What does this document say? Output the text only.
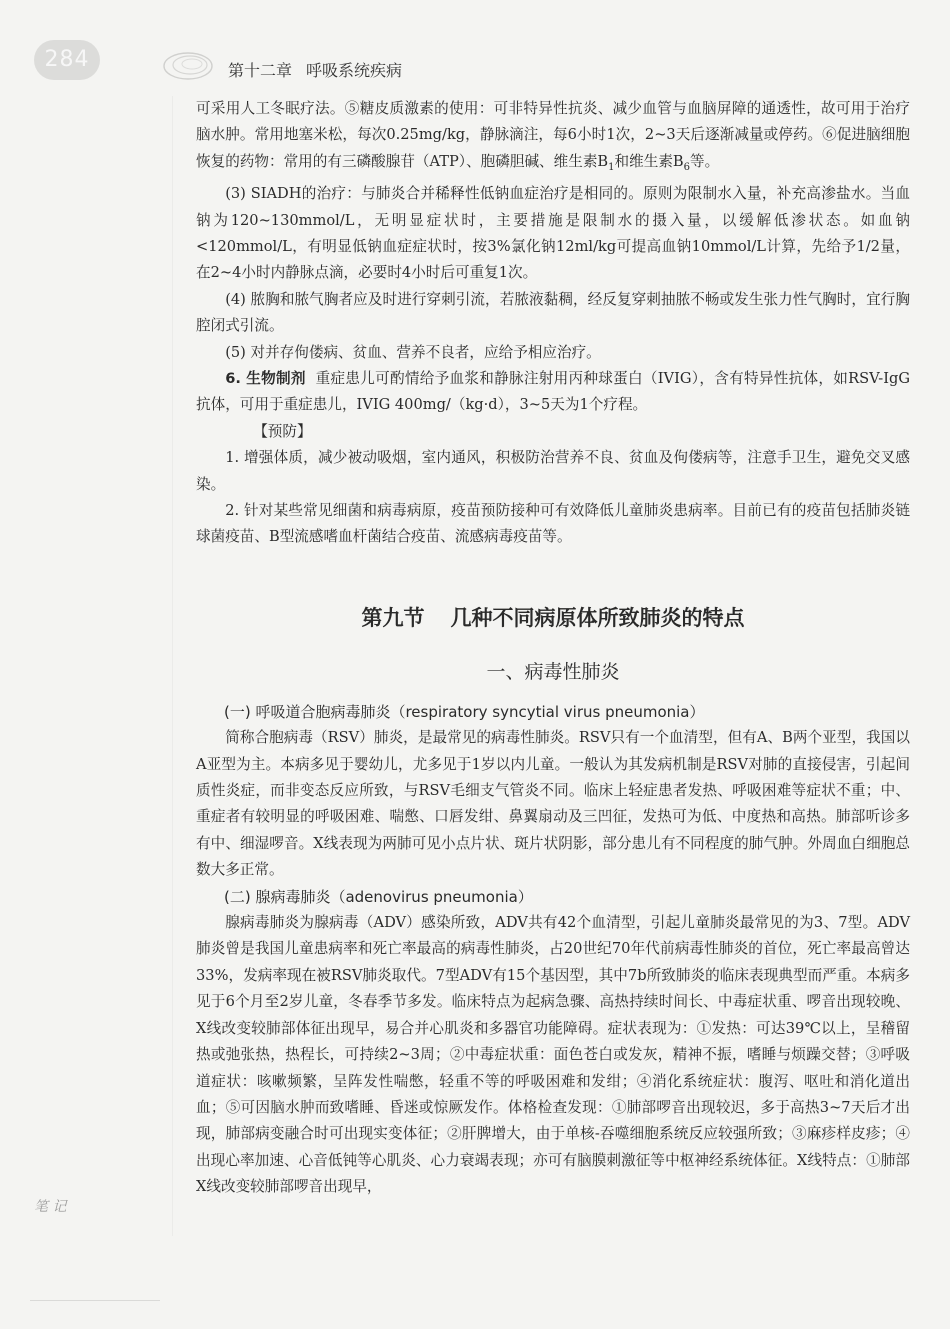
284	第十二章 呼吸系统疾病

可采用人工冬眠疗法。⑤糖皮质激素的使用：可非特异性抗炎、减少血管与血脑屏障的通透性，故可用于治疗脑水肿。常用地塞米松，每次0.25mg/kg，静脉滴注，每6小时1次，2~3天后逐渐减量或停药。⑥促进脑细胞恢复的药物：常用的有三磷酸腺苷（ATP）、胞磷胆碱、维生素$B_1$和维生素$B_6$等。

(3) SIADH的治疗：与肺炎合并稀释性低钠血症治疗是相同的。原则为限制水入量，补充高渗盐水。当血钠为120~130mmol/L，无明显症状时，主要措施是限制水的摄入量，以缓解低渗状态。如血钠<120mmol/L，有明显低钠血症症状时，按3%氯化钠12ml/kg可提高血钠10mmol/L计算，先给予1/2量，在2~4小时内静脉点滴，必要时4小时后可重复1次。

(4) 脓胸和脓气胸者应及时进行穿刺引流，若脓液黏稠，经反复穿刺抽脓不畅或发生张力性气胸时，宜行胸腔闭式引流。

(5) 对并存佝偻病、贫血、营养不良者，应给予相应治疗。

6. 生物制剂 重症患儿可酌情给予血浆和静脉注射用丙种球蛋白（IVIG），含有特异性抗体，如RSV-IgG抗体，可用于重症患儿，IVIG 400mg/（kg·d），3~5天为1个疗程。

【预防】

1. 增强体质，减少被动吸烟，室内通风，积极防治营养不良、贫血及佝偻病等，注意手卫生，避免交叉感染。

2. 针对某些常见细菌和病毒病原，疫苗预防接种可有效降低儿童肺炎患病率。目前已有的疫苗包括肺炎链球菌疫苗、B型流感嗜血杆菌结合疫苗、流感病毒疫苗等。

第九节 几种不同病原体所致肺炎的特点
一、病毒性肺炎
(一) 呼吸道合胞病毒肺炎（respiratory syncytial virus pneumonia）

简称合胞病毒（RSV）肺炎，是最常见的病毒性肺炎。RSV只有一个血清型，但有A、B两个亚型，我国以A亚型为主。本病多见于婴幼儿，尤多见于1岁以内儿童。一般认为其发病机制是RSV对肺的直接侵害，引起间质性炎症，而非变态反应所致，与RSV毛细支气管炎不同。临床上轻症患者发热、呼吸困难等症状不重；中、重症者有较明显的呼吸困难、喘憋、口唇发绀、鼻翼扇动及三凹征，发热可为低、中度热和高热。肺部听诊多有中、细湿啰音。X线表现为两肺可见小点片状、斑片状阴影，部分患儿有不同程度的肺气肿。外周血白细胞总数大多正常。

(二) 腺病毒肺炎（adenovirus pneumonia）

腺病毒肺炎为腺病毒（ADV）感染所致，ADV共有42个血清型，引起儿童肺炎最常见的为3、7型。ADV肺炎曾是我国儿童患病率和死亡率最高的病毒性肺炎，占20世纪70年代前病毒性肺炎的首位，死亡率最高曾达33%，发病率现在被RSV肺炎取代。7型ADV有15个基因型，其中7b所致肺炎的临床表现典型而严重。本病多见于6个月至2岁儿童，冬春季节多发。临床特点为起病急骤、高热持续时间长、中毒症状重、啰音出现较晚、X线改变较肺部体征出现早，易合并心肌炎和多器官功能障碍。症状表现为：①发热：可达39℃以上，呈稽留热或弛张热，热程长，可持续2~3周；②中毒症状重：面色苍白或发灰，精神不振，嗜睡与烦躁交替；③呼吸道症状：咳嗽频繁，呈阵发性喘憋，轻重不等的呼吸困难和发绀；④消化系统症状：腹泻、呕吐和消化道出血；⑤可因脑水肿而致嗜睡、昏迷或惊厥发作。体格检查发现：①肺部啰音出现较迟，多于高热3~7天后才出现，肺部病变融合时可出现实变体征；②肝脾增大，由于单核-吞噬细胞系统反应较强所致；③麻疹样皮疹；④出现心率加速、心音低钝等心肌炎、心力衰竭表现；亦可有脑膜刺激征等中枢神经系统体征。X线特点：①肺部X线改变较肺部啰音出现早，

笔 记
